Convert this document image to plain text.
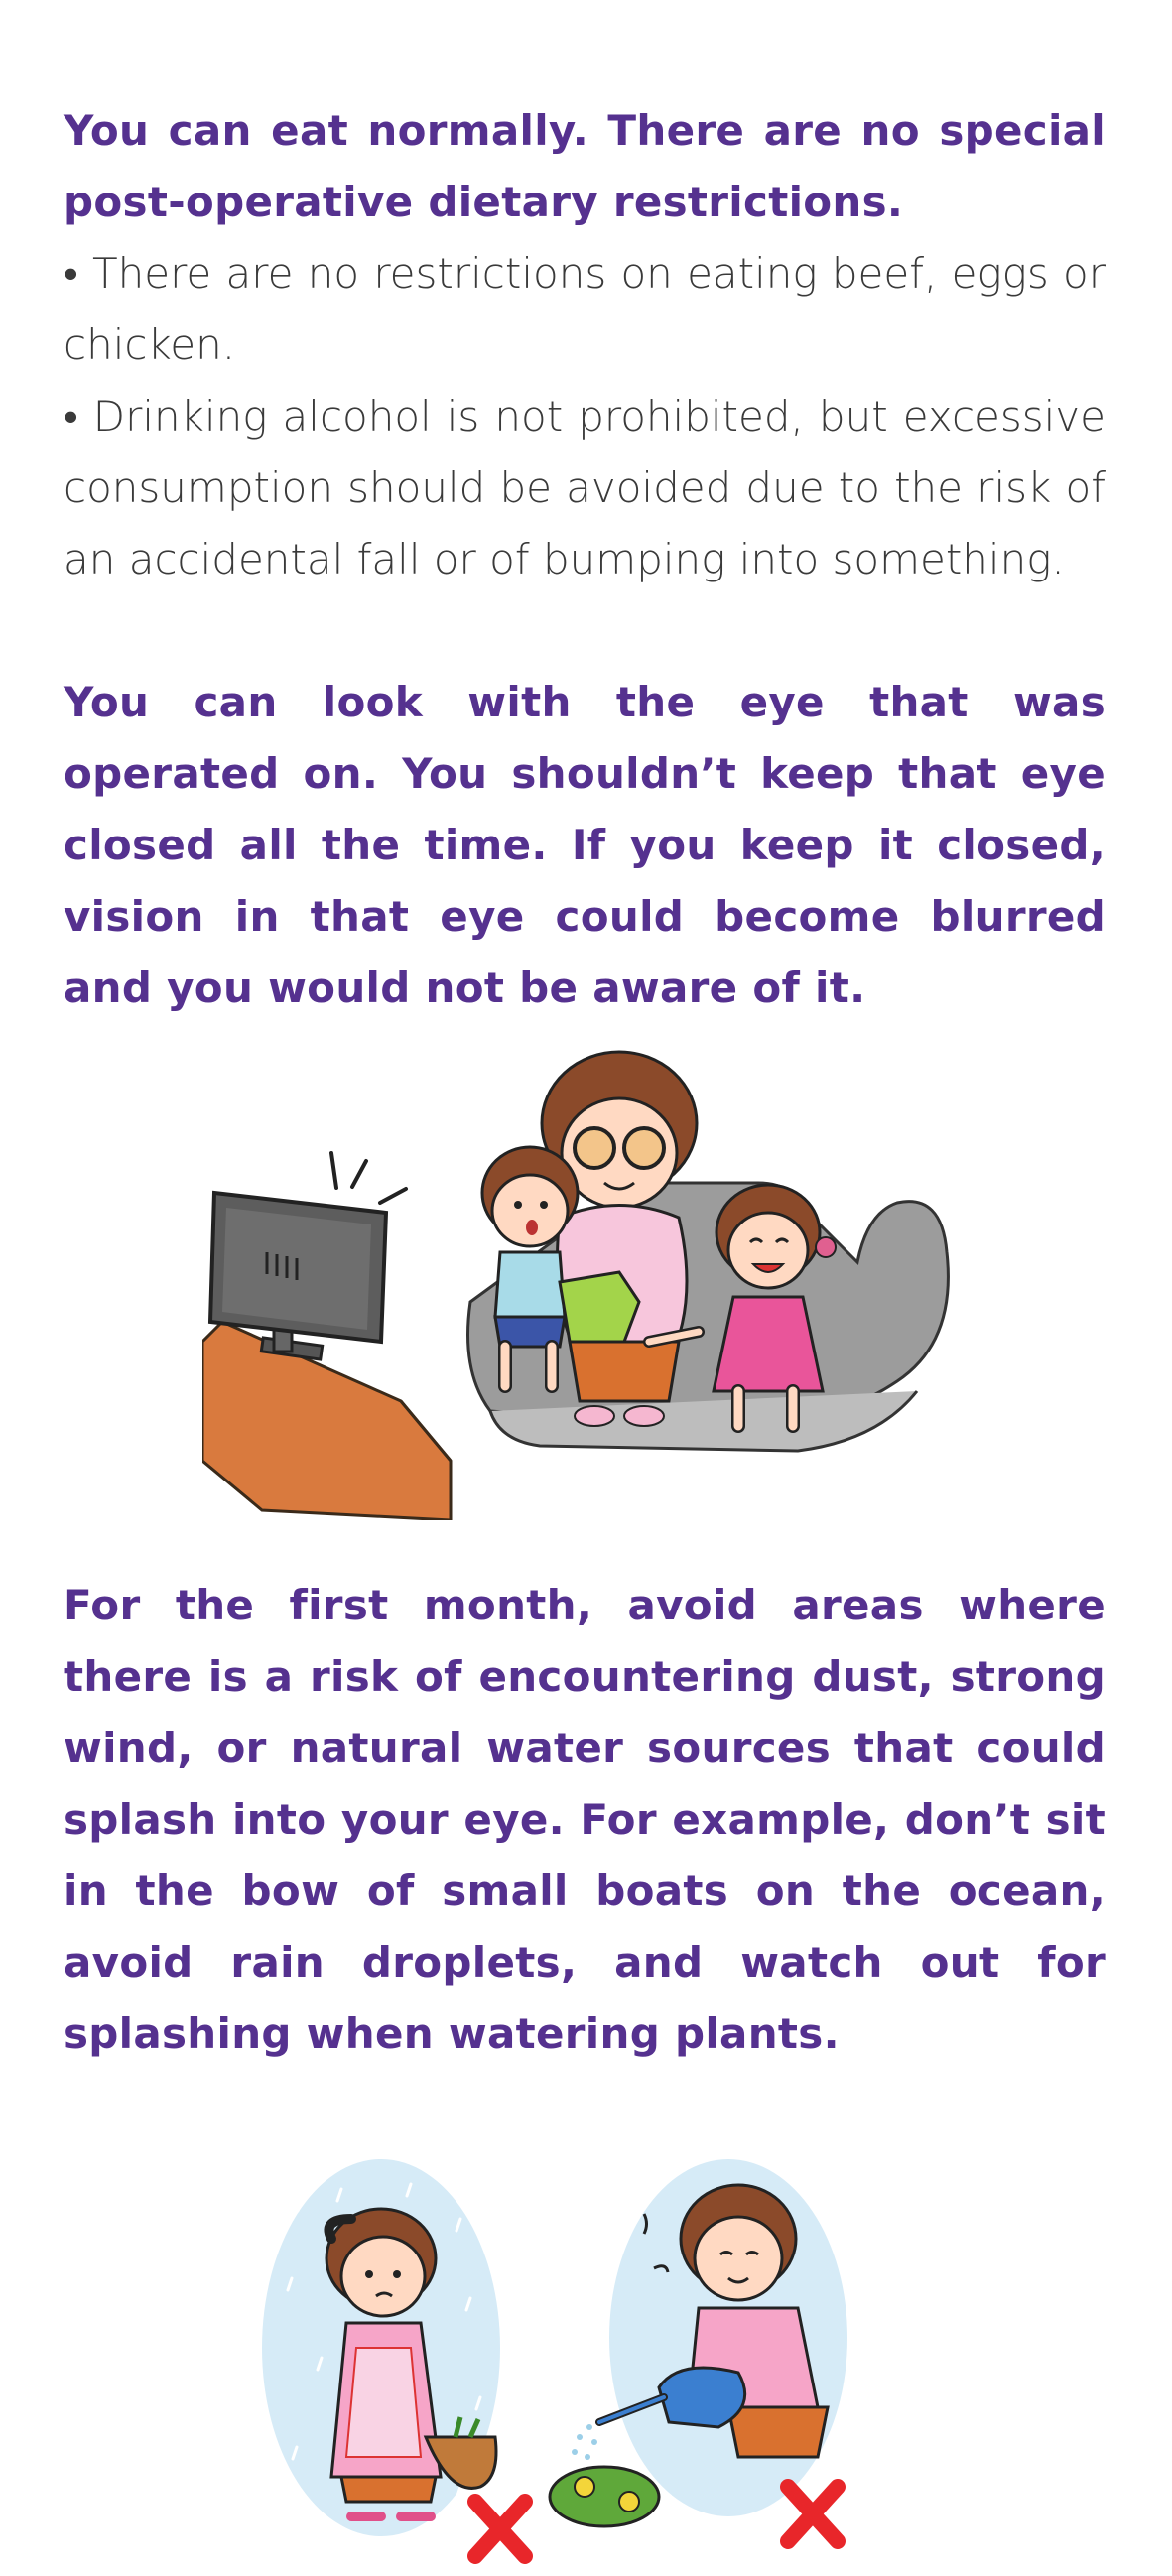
You can eat normally. There are no special post-operative dietary restrictions.

• There are no restrictions on eating beef, eggs or chicken.

• Drinking alcohol is not prohibited, but excessive consumption should be avoided due to the risk of an accidental fall or of bumping into something.

You can look with the eye that was operated on. You shouldn’t keep that eye closed all the time. If you keep it closed, vision in that eye could become blurred and you would not be aware of it.

For the first month, avoid areas where there is a risk of encountering dust, strong wind, or natural water sources that could splash into your eye. For example, don’t sit in the bow of small boats on the ocean, avoid rain droplets, and watch out for splashing when watering plants.
